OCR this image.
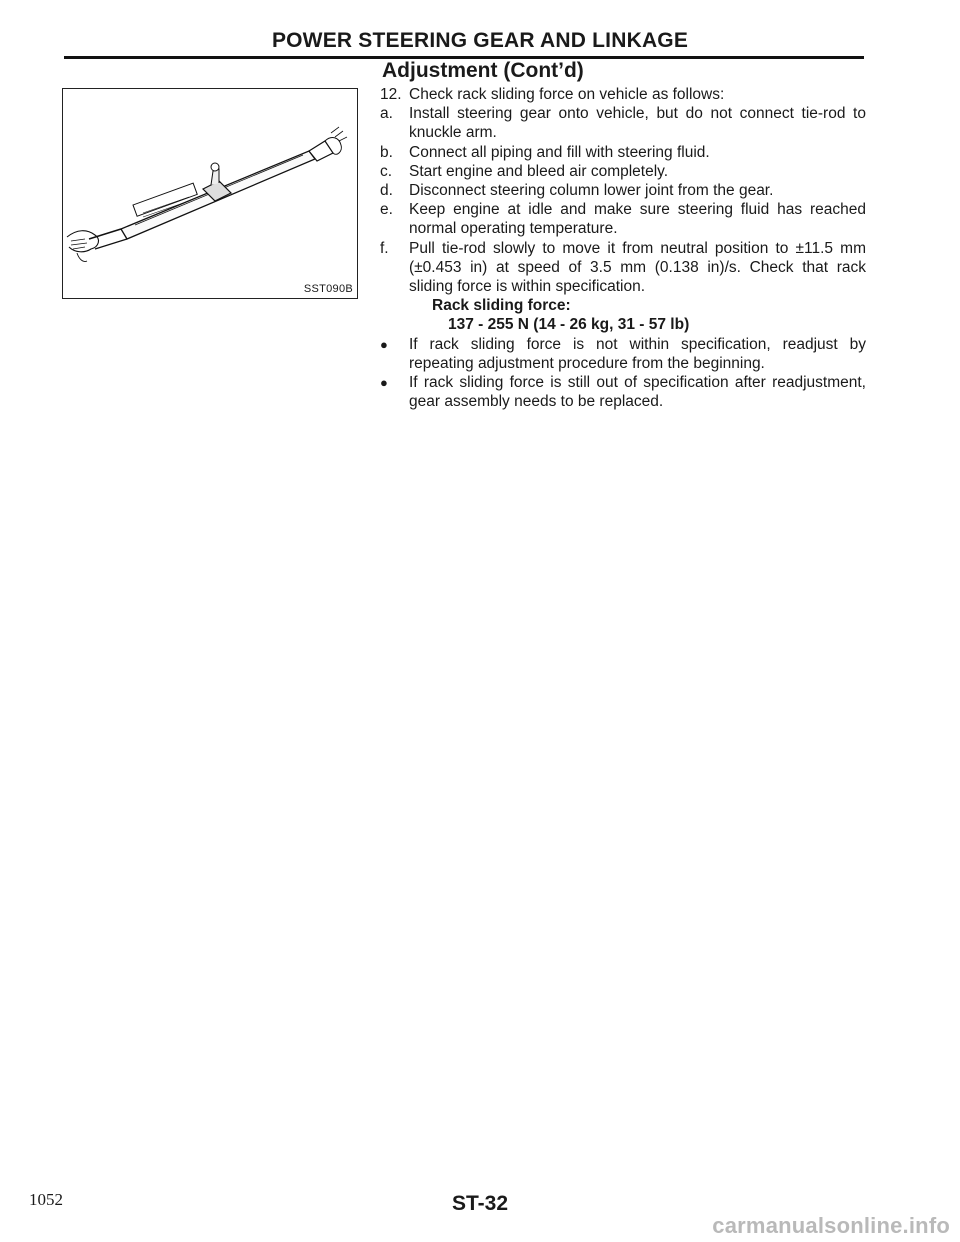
POWER STEERING GEAR AND LINKAGE
Adjustment (Cont’d)
SST090B
12. Check rack sliding force on vehicle as follows:
a.	Install steering gear onto vehicle, but do not connect tie-rod to knuckle arm.
b.	Connect all piping and fill with steering fluid.
c.	Start engine and bleed air completely.
d.	Disconnect steering column lower joint from the gear.
e.	Keep engine at idle and make sure steering fluid has reached normal operating temperature.
f.	Pull tie-rod slowly to move it from neutral position to ±11.5 mm (±0.453 in) at speed of 3.5 mm (0.138 in)/s. Check that rack sliding force is within specification.
Rack sliding force:
137 - 255 N (14 - 26 kg, 31 - 57 lb)
●	If rack sliding force is not within specification, readjust by repeating adjustment procedure from the beginning.
●	If rack sliding force is still out of specification after readjustment, gear assembly needs to be replaced.
1052	ST-32
carmanualsonline.info
